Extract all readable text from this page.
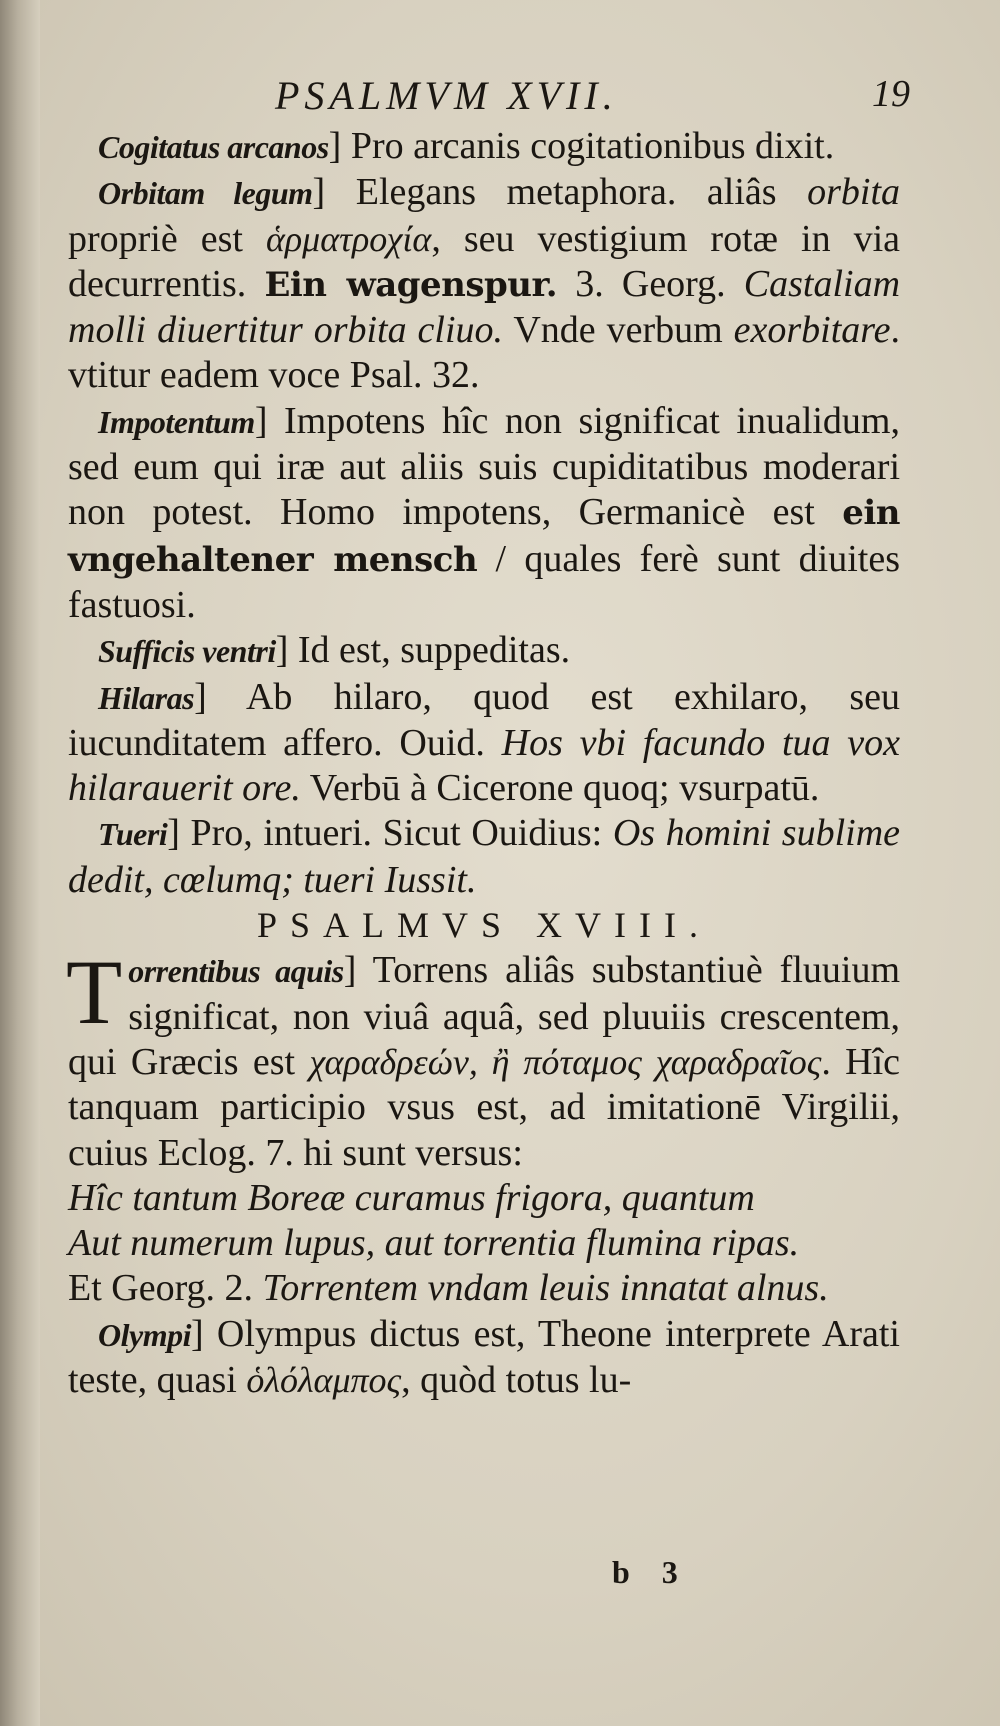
PSALMVM XVII.	19

Cogitatus arcanos] Pro arcanis cogitationibus dixit.

Orbitam legum] Elegans metaphora. aliâs orbita propriè est ἁρματροχία, seu vestigium rotæ in via decurrentis. Ein wagenspur. 3. Georg. Castaliam molli diuertitur orbita cliuo. Vnde verbum exorbitare. vtitur eadem voce Psal. 32.

Impotentum] Impotens hîc non significat inualidum, sed eum qui iræ aut aliis suis cupiditatibus moderari non potest. Homo impotens, Germanicè est ein vngehaltener mensch / quales ferè sunt diuites fastuosi.

Sufficis ventri] Id est, suppeditas.

Hilaras] Ab hilaro, quod est exhilaro, seu iucunditatem affero. Ouid. Hos vbi facundo tua vox hilarauerit ore. Verbū à Cicerone quoq; vsurpatū.

Tueri] Pro, intueri. Sicut Ouidius: Os homini sublime dedit, cœlumq; tueri Iussit.

PSALMVS XVIII.

Torrentibus aquis] Torrens aliâs substantiuè fluuium significat, non viuâ aquâ, sed pluuiis crescentem, qui Græcis est χαραδρεών, ἢ πόταμος χαραδραῖος. Hîc tanquam participio vsus est, ad imitationē Virgilii, cuius Eclog. 7. hi sunt versus:

Hîc tantum Boreæ curamus frigora, quantum

Aut numerum lupus, aut torrentia flumina ripas.

Et Georg. 2. Torrentem vndam leuis innatat alnus.

Olympi] Olympus dictus est, Theone interprete Arati teste, quasi ὁλόλαμπος, quòd totus lu-

b 3
